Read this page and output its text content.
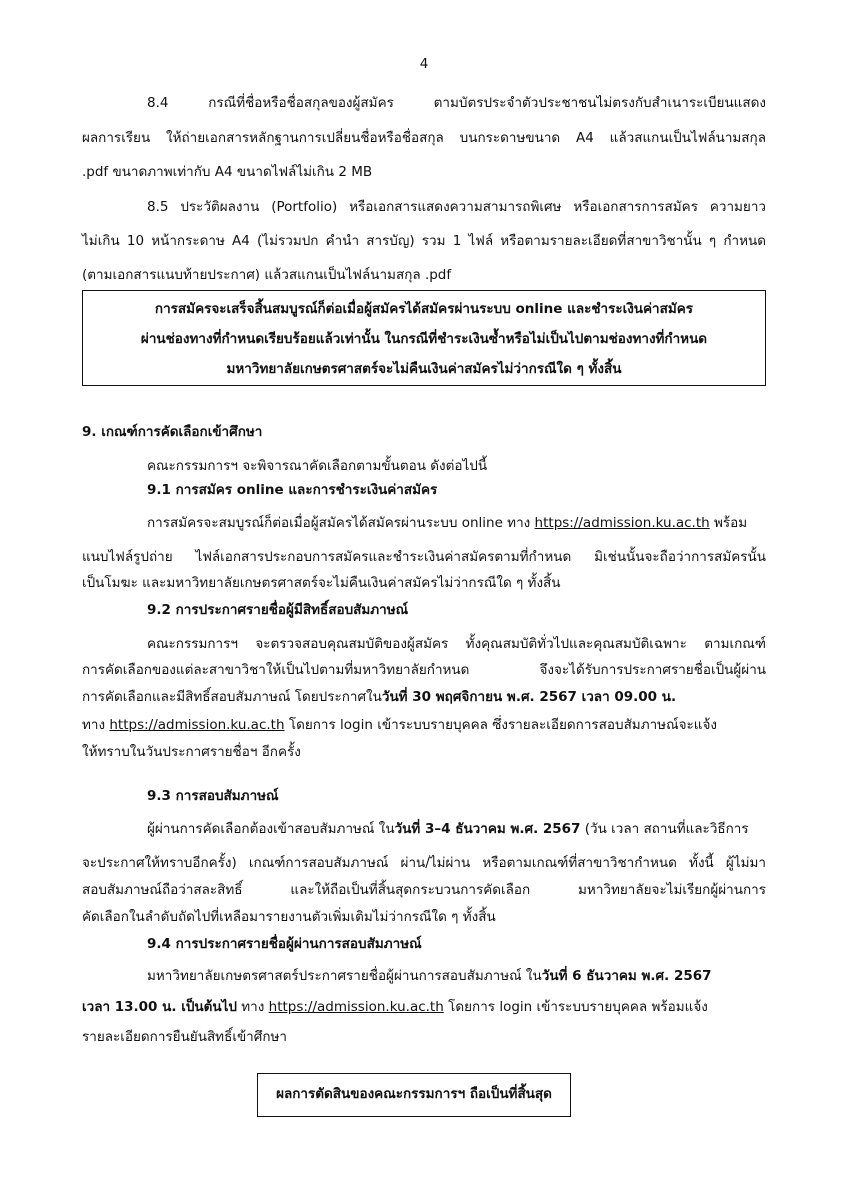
4
8.4 กรณีที่ชื่อหรือชื่อสกุลของผู้สมัคร ตามบัตรประจำตัวประชาชนไม่ตรงกับสำเนาระเบียนแสดง
ผลการเรียน ให้ถ่ายเอกสารหลักฐานการเปลี่ยนชื่อหรือชื่อสกุล บนกระดาษขนาด A4 แล้วสแกนเป็นไฟล์นามสกุล
.pdf ขนาดภาพเท่ากับ A4 ขนาดไฟล์ไม่เกิน 2 MB
8.5 ประวัติผลงาน (Portfolio) หรือเอกสารแสดงความสามารถพิเศษ หรือเอกสารการสมัคร ความยาว
ไม่เกิน 10 หน้ากระดาษ A4 (ไม่รวมปก คำนำ สารบัญ) รวม 1 ไฟล์ หรือตามรายละเอียดที่สาขาวิชานั้น ๆ กำหนด
(ตามเอกสารแนบท้ายประกาศ) แล้วสแกนเป็นไฟล์นามสกุล .pdf
การสมัครจะเสร็จสิ้นสมบูรณ์ก็ต่อเมื่อผู้สมัครได้สมัครผ่านระบบ online และชำระเงินค่าสมัคร
ผ่านช่องทางที่กำหนดเรียบร้อยแล้วเท่านั้น ในกรณีที่ชำระเงินซ้ำหรือไม่เป็นไปตามช่องทางที่กำหนด
มหาวิทยาลัยเกษตรศาสตร์จะไม่คืนเงินค่าสมัครไม่ว่ากรณีใด ๆ ทั้งสิ้น
9. เกณฑ์การคัดเลือกเข้าศึกษา
คณะกรรมการฯ จะพิจารณาคัดเลือกตามขั้นตอน ดังต่อไปนี้
9.1 การสมัคร online และการชำระเงินค่าสมัคร
การสมัครจะสมบูรณ์ก็ต่อเมื่อผู้สมัครได้สมัครผ่านระบบ online ทาง https://admission.ku.ac.th พร้อม
แนบไฟล์รูปถ่าย ไฟล์เอกสารประกอบการสมัครและชำระเงินค่าสมัครตามที่กำหนด มิเช่นนั้นจะถือว่าการสมัครนั้น
เป็นโมฆะ และมหาวิทยาลัยเกษตรศาสตร์จะไม่คืนเงินค่าสมัครไม่ว่ากรณีใด ๆ ทั้งสิ้น
9.2 การประกาศรายชื่อผู้มีสิทธิ์สอบสัมภาษณ์
คณะกรรมการฯ จะตรวจสอบคุณสมบัติของผู้สมัคร ทั้งคุณสมบัติทั่วไปและคุณสมบัติเฉพาะ ตามเกณฑ์
การคัดเลือกของแต่ละสาขาวิชาให้เป็นไปตามที่มหาวิทยาลัยกำหนด จึงจะได้รับการประกาศรายชื่อเป็นผู้ผ่าน
การคัดเลือกและมีสิทธิ์สอบสัมภาษณ์ โดยประกาศในวันที่ 30 พฤศจิกายน พ.ศ. 2567 เวลา 09.00 น.
ทาง https://admission.ku.ac.th โดยการ login เข้าระบบรายบุคคล ซึ่งรายละเอียดการสอบสัมภาษณ์จะแจ้ง
ให้ทราบในวันประกาศรายชื่อฯ อีกครั้ง
9.3 การสอบสัมภาษณ์
ผู้ผ่านการคัดเลือกต้องเข้าสอบสัมภาษณ์ ในวันที่ 3–4 ธันวาคม พ.ศ. 2567 (วัน เวลา สถานที่และวิธีการ
จะประกาศให้ทราบอีกครั้ง) เกณฑ์การสอบสัมภาษณ์ ผ่าน/ไม่ผ่าน หรือตามเกณฑ์ที่สาขาวิชากำหนด ทั้งนี้ ผู้ไม่มา
สอบสัมภาษณ์ถือว่าสละสิทธิ์ และให้ถือเป็นที่สิ้นสุดกระบวนการคัดเลือก มหาวิทยาลัยจะไม่เรียกผู้ผ่านการ
คัดเลือกในลำดับถัดไปที่เหลือมารายงานตัวเพิ่มเติมไม่ว่ากรณีใด ๆ ทั้งสิ้น
9.4 การประกาศรายชื่อผู้ผ่านการสอบสัมภาษณ์
มหาวิทยาลัยเกษตรศาสตร์ประกาศรายชื่อผู้ผ่านการสอบสัมภาษณ์ ในวันที่ 6 ธันวาคม พ.ศ. 2567
เวลา 13.00 น. เป็นต้นไป ทาง https://admission.ku.ac.th โดยการ login เข้าระบบรายบุคคล พร้อมแจ้ง
รายละเอียดการยืนยันสิทธิ์เข้าศึกษา
ผลการตัดสินของคณะกรรมการฯ ถือเป็นที่สิ้นสุด
